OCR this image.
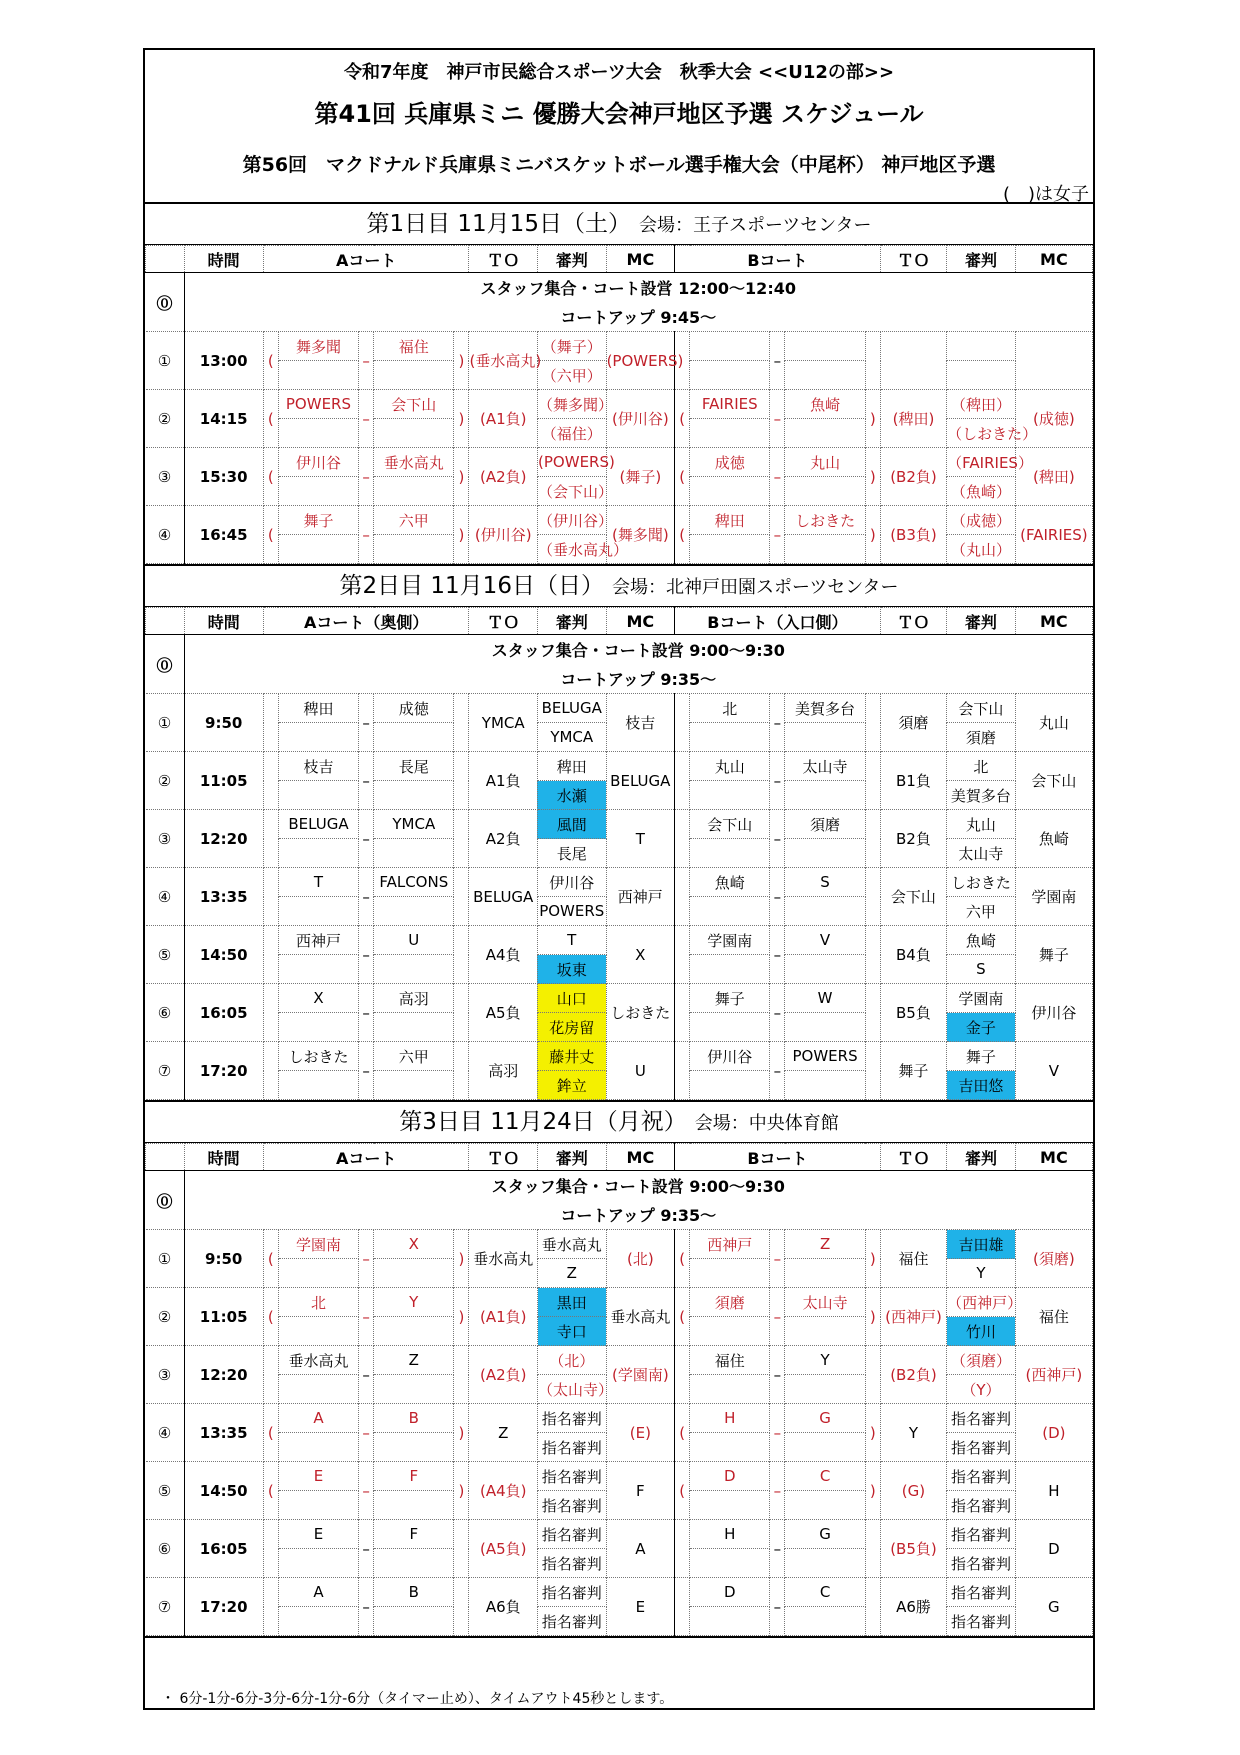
令和7年度　神戸市民総合スポーツ大会　秋季大会 <<U12の部>>
第41回 兵庫県ミニ 優勝大会神戸地区予選 スケジュール
第56回　マクドナルド兵庫県ミニバスケットボール選手権大会（中尾杯） 神戸地区予選
(　)は女子
第1日目 11月15日（土） 会場：王子スポーツセンター
	時間	Aコート					ＴＯ	審判	MC	Bコート					ＴＯ	審判	MC
⓪	スタッフ集合・コート設営 12:00〜12:40																
	コートアップ 9:45〜																
①	13:00	(	舞多聞	–	福住	)	(垂水高丸)	（舞子）	(POWERS)			–					
								（六甲）									
②	14:15	(	POWERS	–	会下山	)	(A1負)	（舞多聞）	(伊川谷)	(	FAIRIES	–	魚崎	)	(稗田)	（稗田）	(成徳)
								（福住）								（しおきた）	
③	15:30	(	伊川谷	–	垂水高丸	)	(A2負)	(POWERS)	(舞子)	(	成徳	–	丸山	)	(B2負)	（FAIRIES）	(稗田)
								（会下山）								（魚崎）	
④	16:45	(	舞子	–	六甲	)	(伊川谷)	（伊川谷）	(舞多聞)	(	稗田	–	しおきた	)	(B3負)	（成徳）	(FAIRIES)
								（垂水高丸）								（丸山）	
第2日目 11月16日（日） 会場：北神戸田園スポーツセンター
	時間	Aコート（奥側）					ＴＯ	審判	MC	Bコート（入口側）					ＴＯ	審判	MC
⓪	スタッフ集合・コート設営 9:00〜9:30																
	コートアップ 9:35〜																
①	9:50		稗田	–	成徳		YMCA	BELUGA	枝吉		北	–	美賀多台		須磨	会下山	丸山
								YMCA								須磨	
②	11:05		枝吉	–	長尾		A1負	稗田	BELUGA		丸山	–	太山寺		B1負	北	会下山
								水瀬								美賀多台	
③	12:20		BELUGA	–	YMCA		A2負	風間	T		会下山	–	須磨		B2負	丸山	魚崎
								長尾								太山寺	
④	13:35		T	–	FALCONS		BELUGA	伊川谷	西神戸		魚崎	–	S		会下山	しおきた	学園南
								POWERS								六甲	
⑤	14:50		西神戸	–	U		A4負	T	X		学園南	–	V		B4負	魚崎	舞子
								坂東								S	
⑥	16:05		X	–	高羽		A5負	山口	しおきた		舞子	–	W		B5負	学園南	伊川谷
								花房留								金子	
⑦	17:20		しおきた	–	六甲		高羽	藤井丈	U		伊川谷	–	POWERS		舞子	舞子	V
								鉾立								吉田悠	
第3日目 11月24日（月祝） 会場：中央体育館
	時間	Aコート					ＴＯ	審判	MC	Bコート					ＴＯ	審判	MC
⓪	スタッフ集合・コート設営 9:00〜9:30																
	コートアップ 9:35〜																
①	9:50	(	学園南	–	X	)	垂水高丸	垂水高丸	(北)	(	西神戸	–	Z	)	福住	吉田雄	(須磨)
								Z								Y	
②	11:05	(	北	–	Y	)	(A1負)	黒田	垂水高丸	(	須磨	–	太山寺	)	(西神戸)	（西神戸）	福住
								寺口								竹川	
③	12:20		垂水高丸	–	Z		(A2負)	（北）	(学園南)		福住	–	Y		(B2負)	（須磨）	(西神戸)
								（太山寺）								（Y）	
④	13:35	(	A	–	B	)	Z	指名審判	(E)	(	H	–	G	)	Y	指名審判	(D)
								指名審判								指名審判	
⑤	14:50	(	E	–	F	)	(A4負)	指名審判	F	(	D	–	C	)	(G)	指名審判	H
								指名審判								指名審判	
⑥	16:05		E	–	F		(A5負)	指名審判	A		H	–	G		(B5負)	指名審判	D
								指名審判								指名審判	
⑦	17:20		A	–	B		A6負	指名審判	E		D	–	C		A6勝	指名審判	G
								指名審判								指名審判	
・ 6分-1分-6分-3分-6分-1分-6分（タイマー止め）、タイムアウト45秒とします。
